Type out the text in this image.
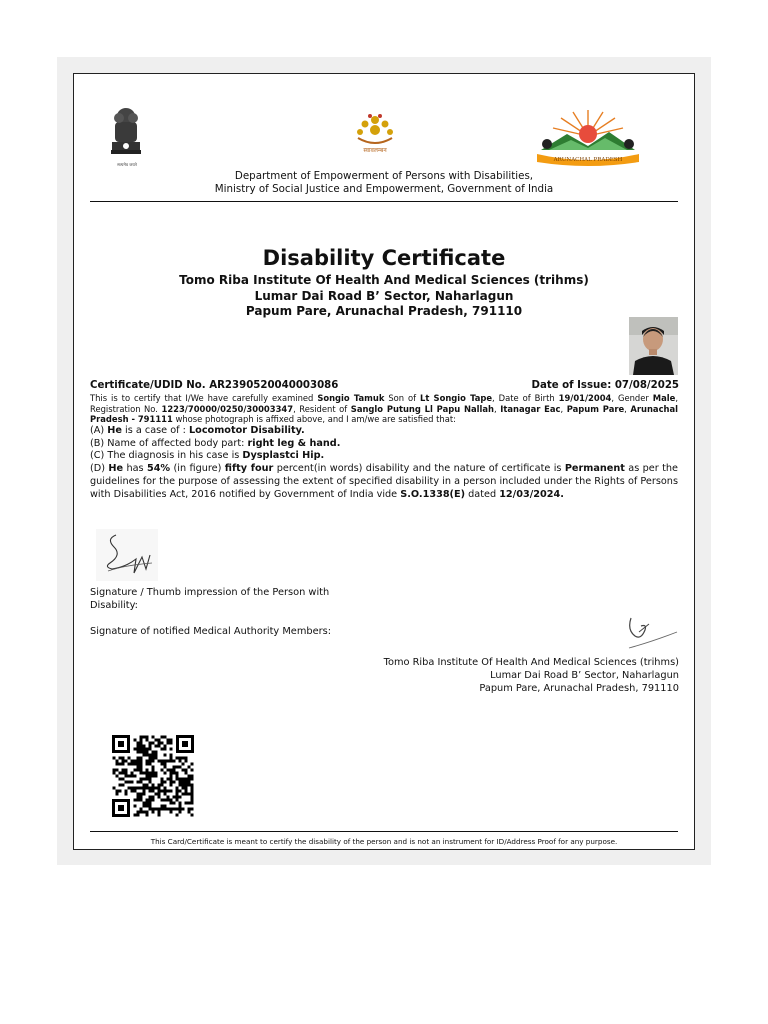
सत्यमेव जयते
स्वावलम्बन
ARUNACHAL PRADESH
Department of Empowerment of Persons with Disabilities,
Ministry of Social Justice and Empowerment, Government of India
Disability Certificate
Tomo Riba Institute Of Health And Medical Sciences (trihms)
Lumar Dai Road B’ Sector, Naharlagun
Papum Pare, Arunachal Pradesh, 791110
Certificate/UDID No. AR2390520040003086	Date of Issue: 07/08/2025
This is to certify that I/We have carefully examined Songio Tamuk Son of Lt Songio Tape, Date of Birth 19/01/2004, Gender Male, Registration No. 1223/70000/0250/30003347, Resident of Sanglo Putung Ll Papu Nallah, Itanagar Eac, Papum Pare, Arunachal Pradesh - 791111 whose photograph is affixed above, and I am/we are satisfied that:
(A) He is a case of : Locomotor Disability.
(B) Name of affected body part: right leg & hand.
(C) The diagnosis in his case is Dysplastci Hip.
(D) He has 54% (in figure) fifty four percent(in words) disability and the nature of certificate is Permanent as per the guidelines for the purpose of assessing the extent of specified disability in a person included under the Rights of Persons with Disabilities Act, 2016 notified by Government of India vide S.O.1338(E) dated 12/03/2024.
Signature / Thumb impression of the Person with Disability:
Signature of notified Medical Authority Members:
Tomo Riba Institute Of Health And Medical Sciences (trihms)
Lumar Dai Road B’ Sector, Naharlagun
Papum Pare, Arunachal Pradesh, 791110
This Card/Certificate is meant to certify the disability of the person and is not an instrument for ID/Address Proof for any purpose.
